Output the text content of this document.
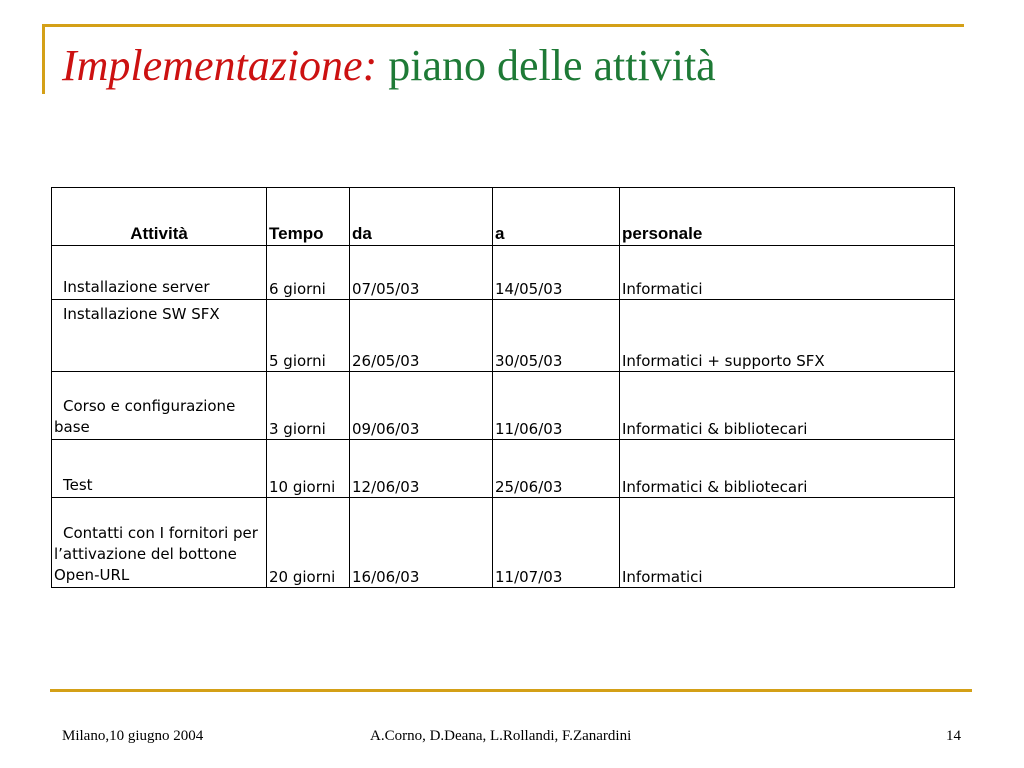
Implementazione: piano delle attività
Attività	Tempo	da	a	personale
Installazione server	6 giorni	07/05/03	14/05/03	Informatici
Installazione SW SFX	5 giorni	26/05/03	30/05/03	Informatici + supporto SFX
Corso e configurazione base	3 giorni	09/06/03	11/06/03	Informatici & bibliotecari
Test	10 giorni	12/06/03	25/06/03	Informatici & bibliotecari
Contatti con I fornitori per l’attivazione del bottone Open-URL	20 giorni	16/06/03	11/07/03	Informatici
Milano,10 giugno 2004	A.Corno, D.Deana, L.Rollandi, F.Zanardini	14
